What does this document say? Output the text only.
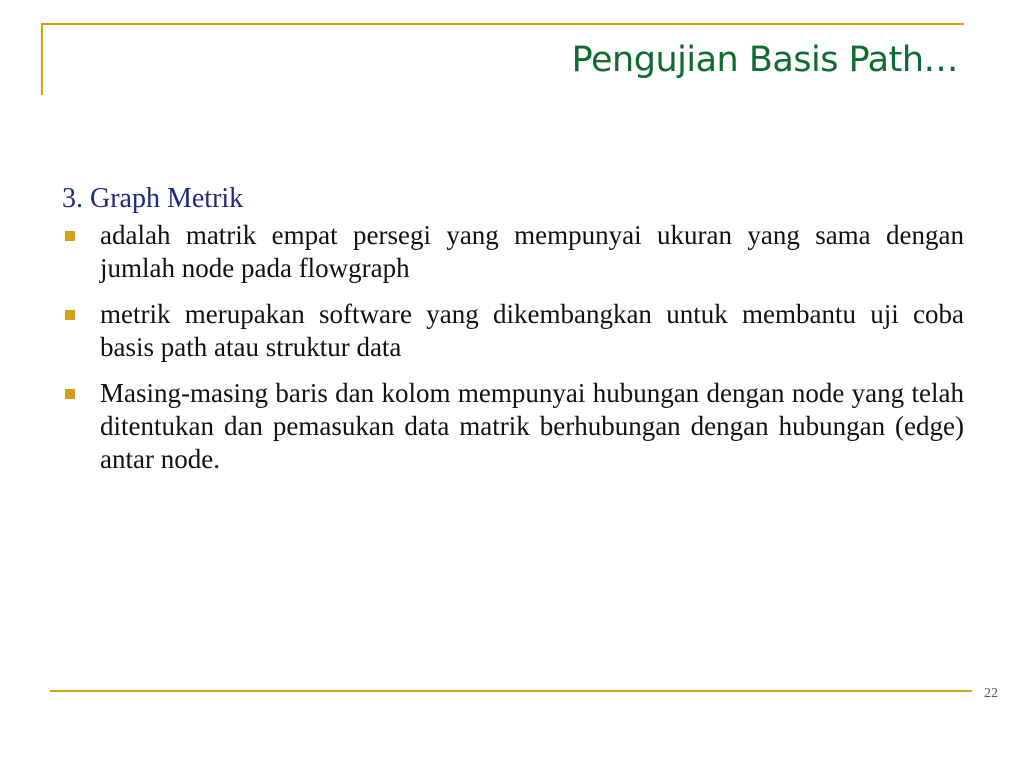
Pengujian Basis Path…
3. Graph Metrik
adalah matrik empat persegi yang mempunyai ukuran yang sama dengan jumlah node pada flowgraph
metrik merupakan software yang dikembangkan untuk membantu uji coba basis path atau struktur data
Masing-masing baris dan kolom mempunyai hubungan dengan node yang telah ditentukan dan pemasukan data matrik berhubungan dengan hubungan (edge) antar node.
22
